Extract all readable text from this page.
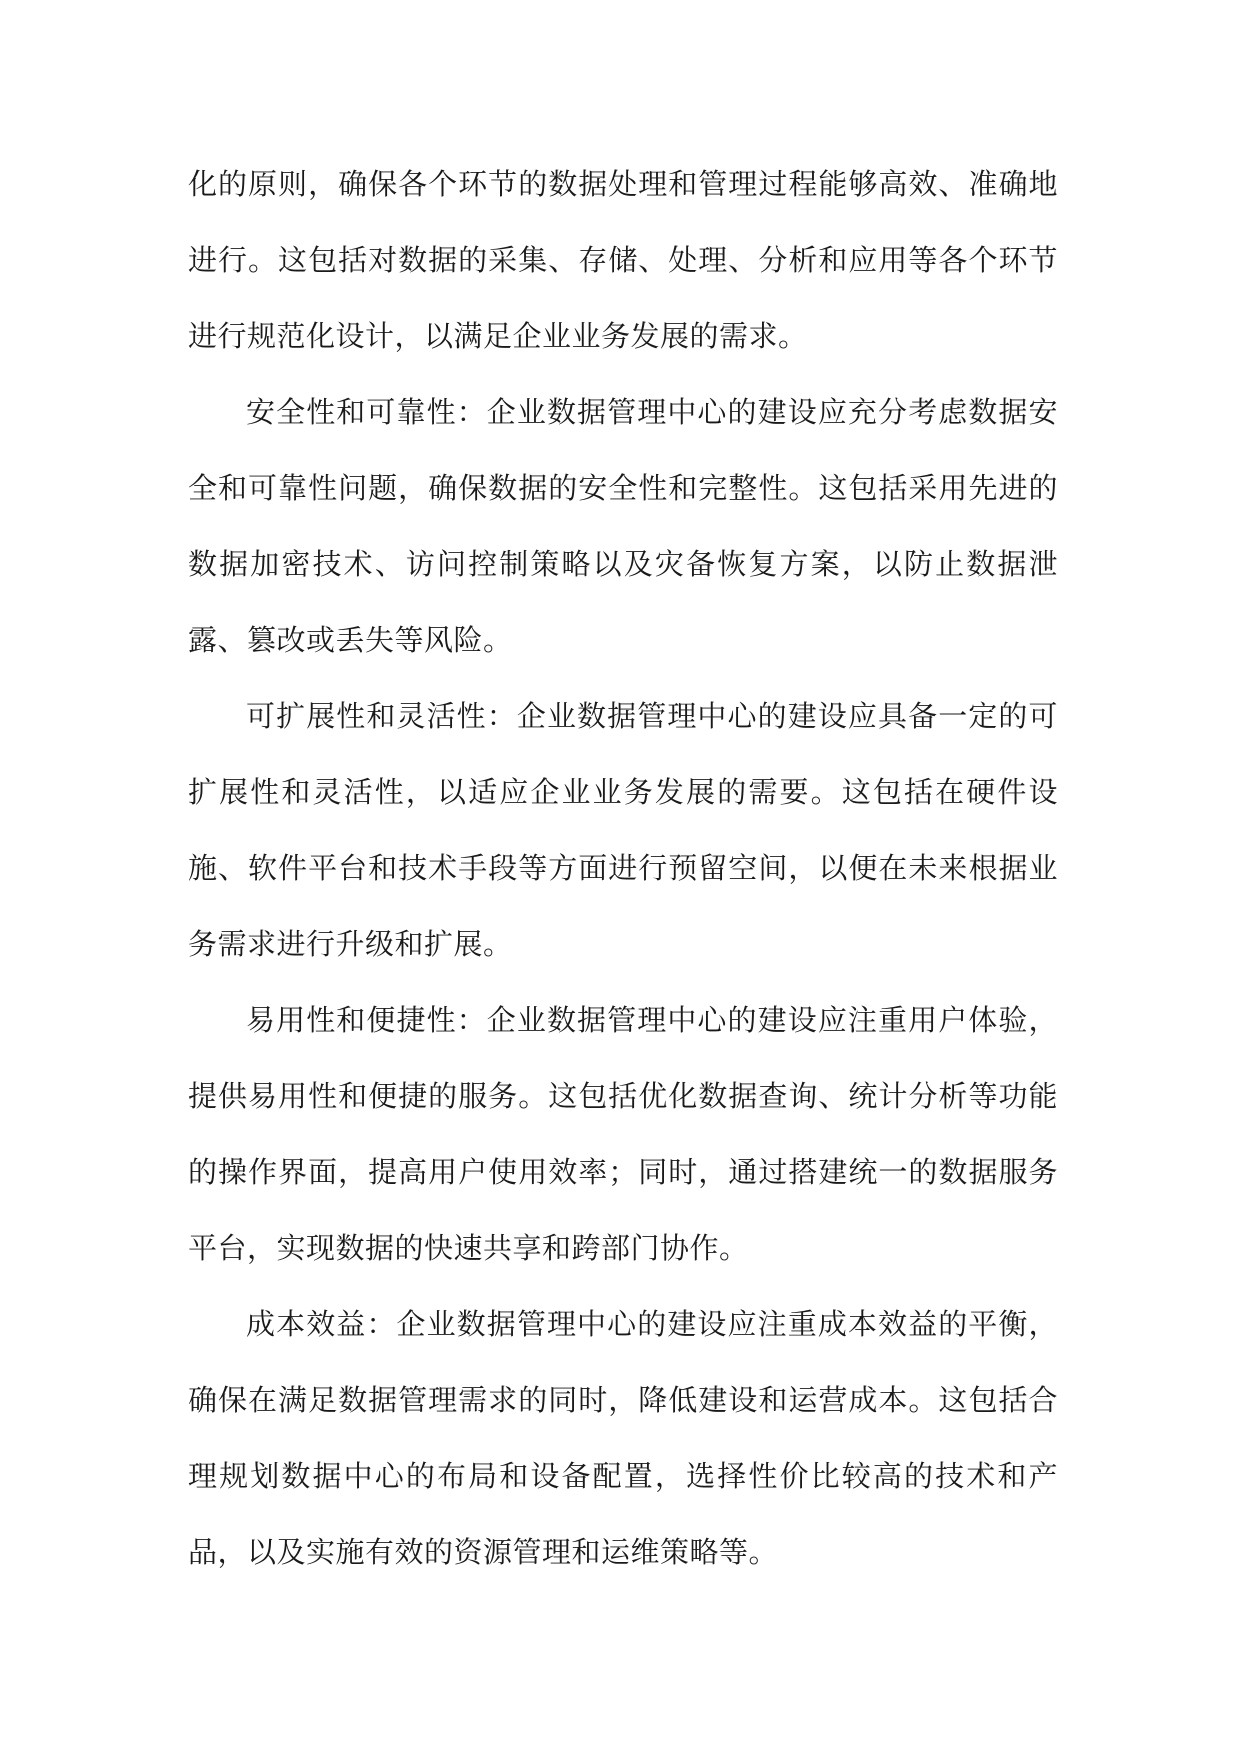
化的原则，确保各个环节的数据处理和管理过程能够高效、准确地进行。这包括对数据的采集、存储、处理、分析和应用等各个环节进行规范化设计，以满足企业业务发展的需求。

安全性和可靠性：企业数据管理中心的建设应充分考虑数据安全和可靠性问题，确保数据的安全性和完整性。这包括采用先进的数据加密技术、访问控制策略以及灾备恢复方案，以防止数据泄露、篡改或丢失等风险。

可扩展性和灵活性：企业数据管理中心的建设应具备一定的可扩展性和灵活性，以适应企业业务发展的需要。这包括在硬件设施、软件平台和技术手段等方面进行预留空间，以便在未来根据业务需求进行升级和扩展。

易用性和便捷性：企业数据管理中心的建设应注重用户体验，提供易用性和便捷的服务。这包括优化数据查询、统计分析等功能的操作界面，提高用户使用效率；同时，通过搭建统一的数据服务平台，实现数据的快速共享和跨部门协作。

成本效益：企业数据管理中心的建设应注重成本效益的平衡，确保在满足数据管理需求的同时，降低建设和运营成本。这包括合理规划数据中心的布局和设备配置，选择性价比较高的技术和产品，以及实施有效的资源管理和运维策略等。
